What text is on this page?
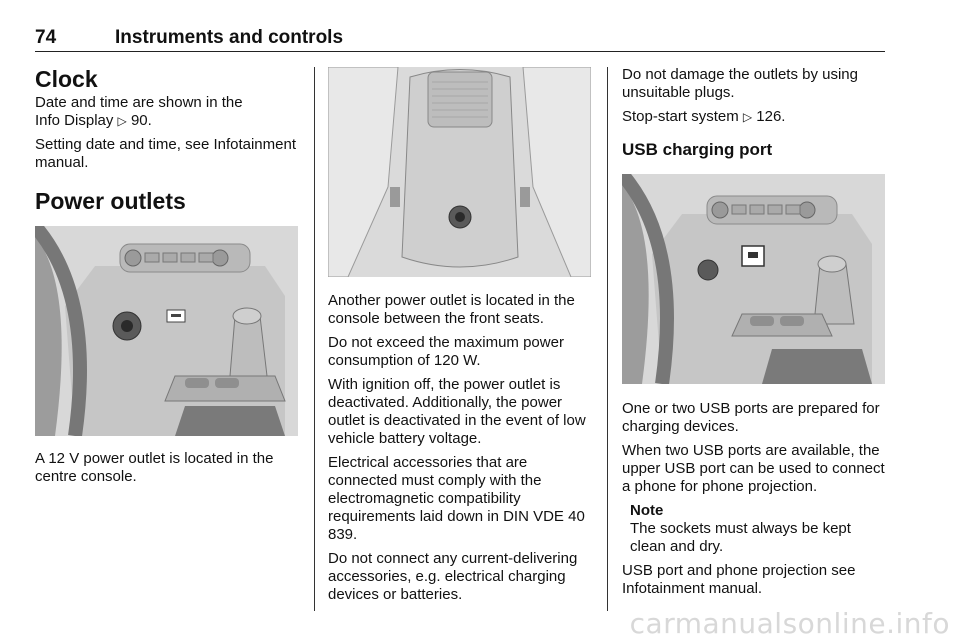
74	Instruments and controls
Clock

Date and time are shown in the
Info Display ▷ 90.

Setting date and time, see Infotainment manual.

Power outlets

A 12 V power outlet is located in the centre console.

Another power outlet is located in the console between the front seats.

Do not exceed the maximum power consumption of 120 W.

With ignition off, the power outlet is deactivated. Additionally, the power outlet is deactivated in the event of low vehicle battery voltage.

Electrical accessories that are connected must comply with the electromagnetic compatibility requirements laid down in DIN VDE 40 839.

Do not connect any current-delivering accessories, e.g. electrical charging devices or batteries.

Do not damage the outlets by using unsuitable plugs.

Stop-start system ▷ 126.

USB charging port

One or two USB ports are prepared for charging devices.

When two USB ports are available, the upper USB port can be used to connect a phone for phone projection.

Note

The sockets must always be kept clean and dry.

USB port and phone projection see Infotainment manual.

carmanualsonline.info
